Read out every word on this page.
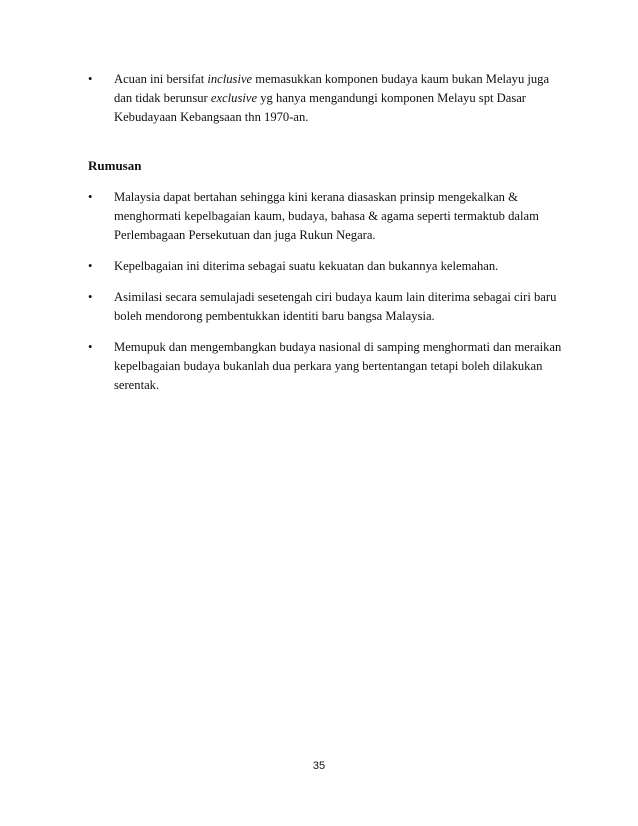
• Acuan ini bersifat inclusive memasukkan komponen budaya kaum bukan Melayu juga dan tidak berunsur exclusive yg hanya mengandungi komponen Melayu spt Dasar Kebudayaan Kebangsaan thn 1970-an.
Rumusan
• Malaysia dapat bertahan sehingga kini kerana diasaskan prinsip mengekalkan & menghormati kepelbagaian kaum, budaya, bahasa & agama seperti termaktub dalam Perlembagaan Persekutuan dan juga Rukun Negara.
• Kepelbagaian ini diterima sebagai suatu kekuatan dan bukannya kelemahan.
• Asimilasi secara semulajadi sesetengah ciri budaya kaum lain diterima sebagai ciri baru boleh mendorong pembentukkan identiti baru bangsa Malaysia.
• Memupuk dan mengembangkan budaya nasional di samping menghormati dan meraikan kepelbagaian budaya bukanlah dua perkara yang bertentangan tetapi boleh dilakukan serentak.
35
